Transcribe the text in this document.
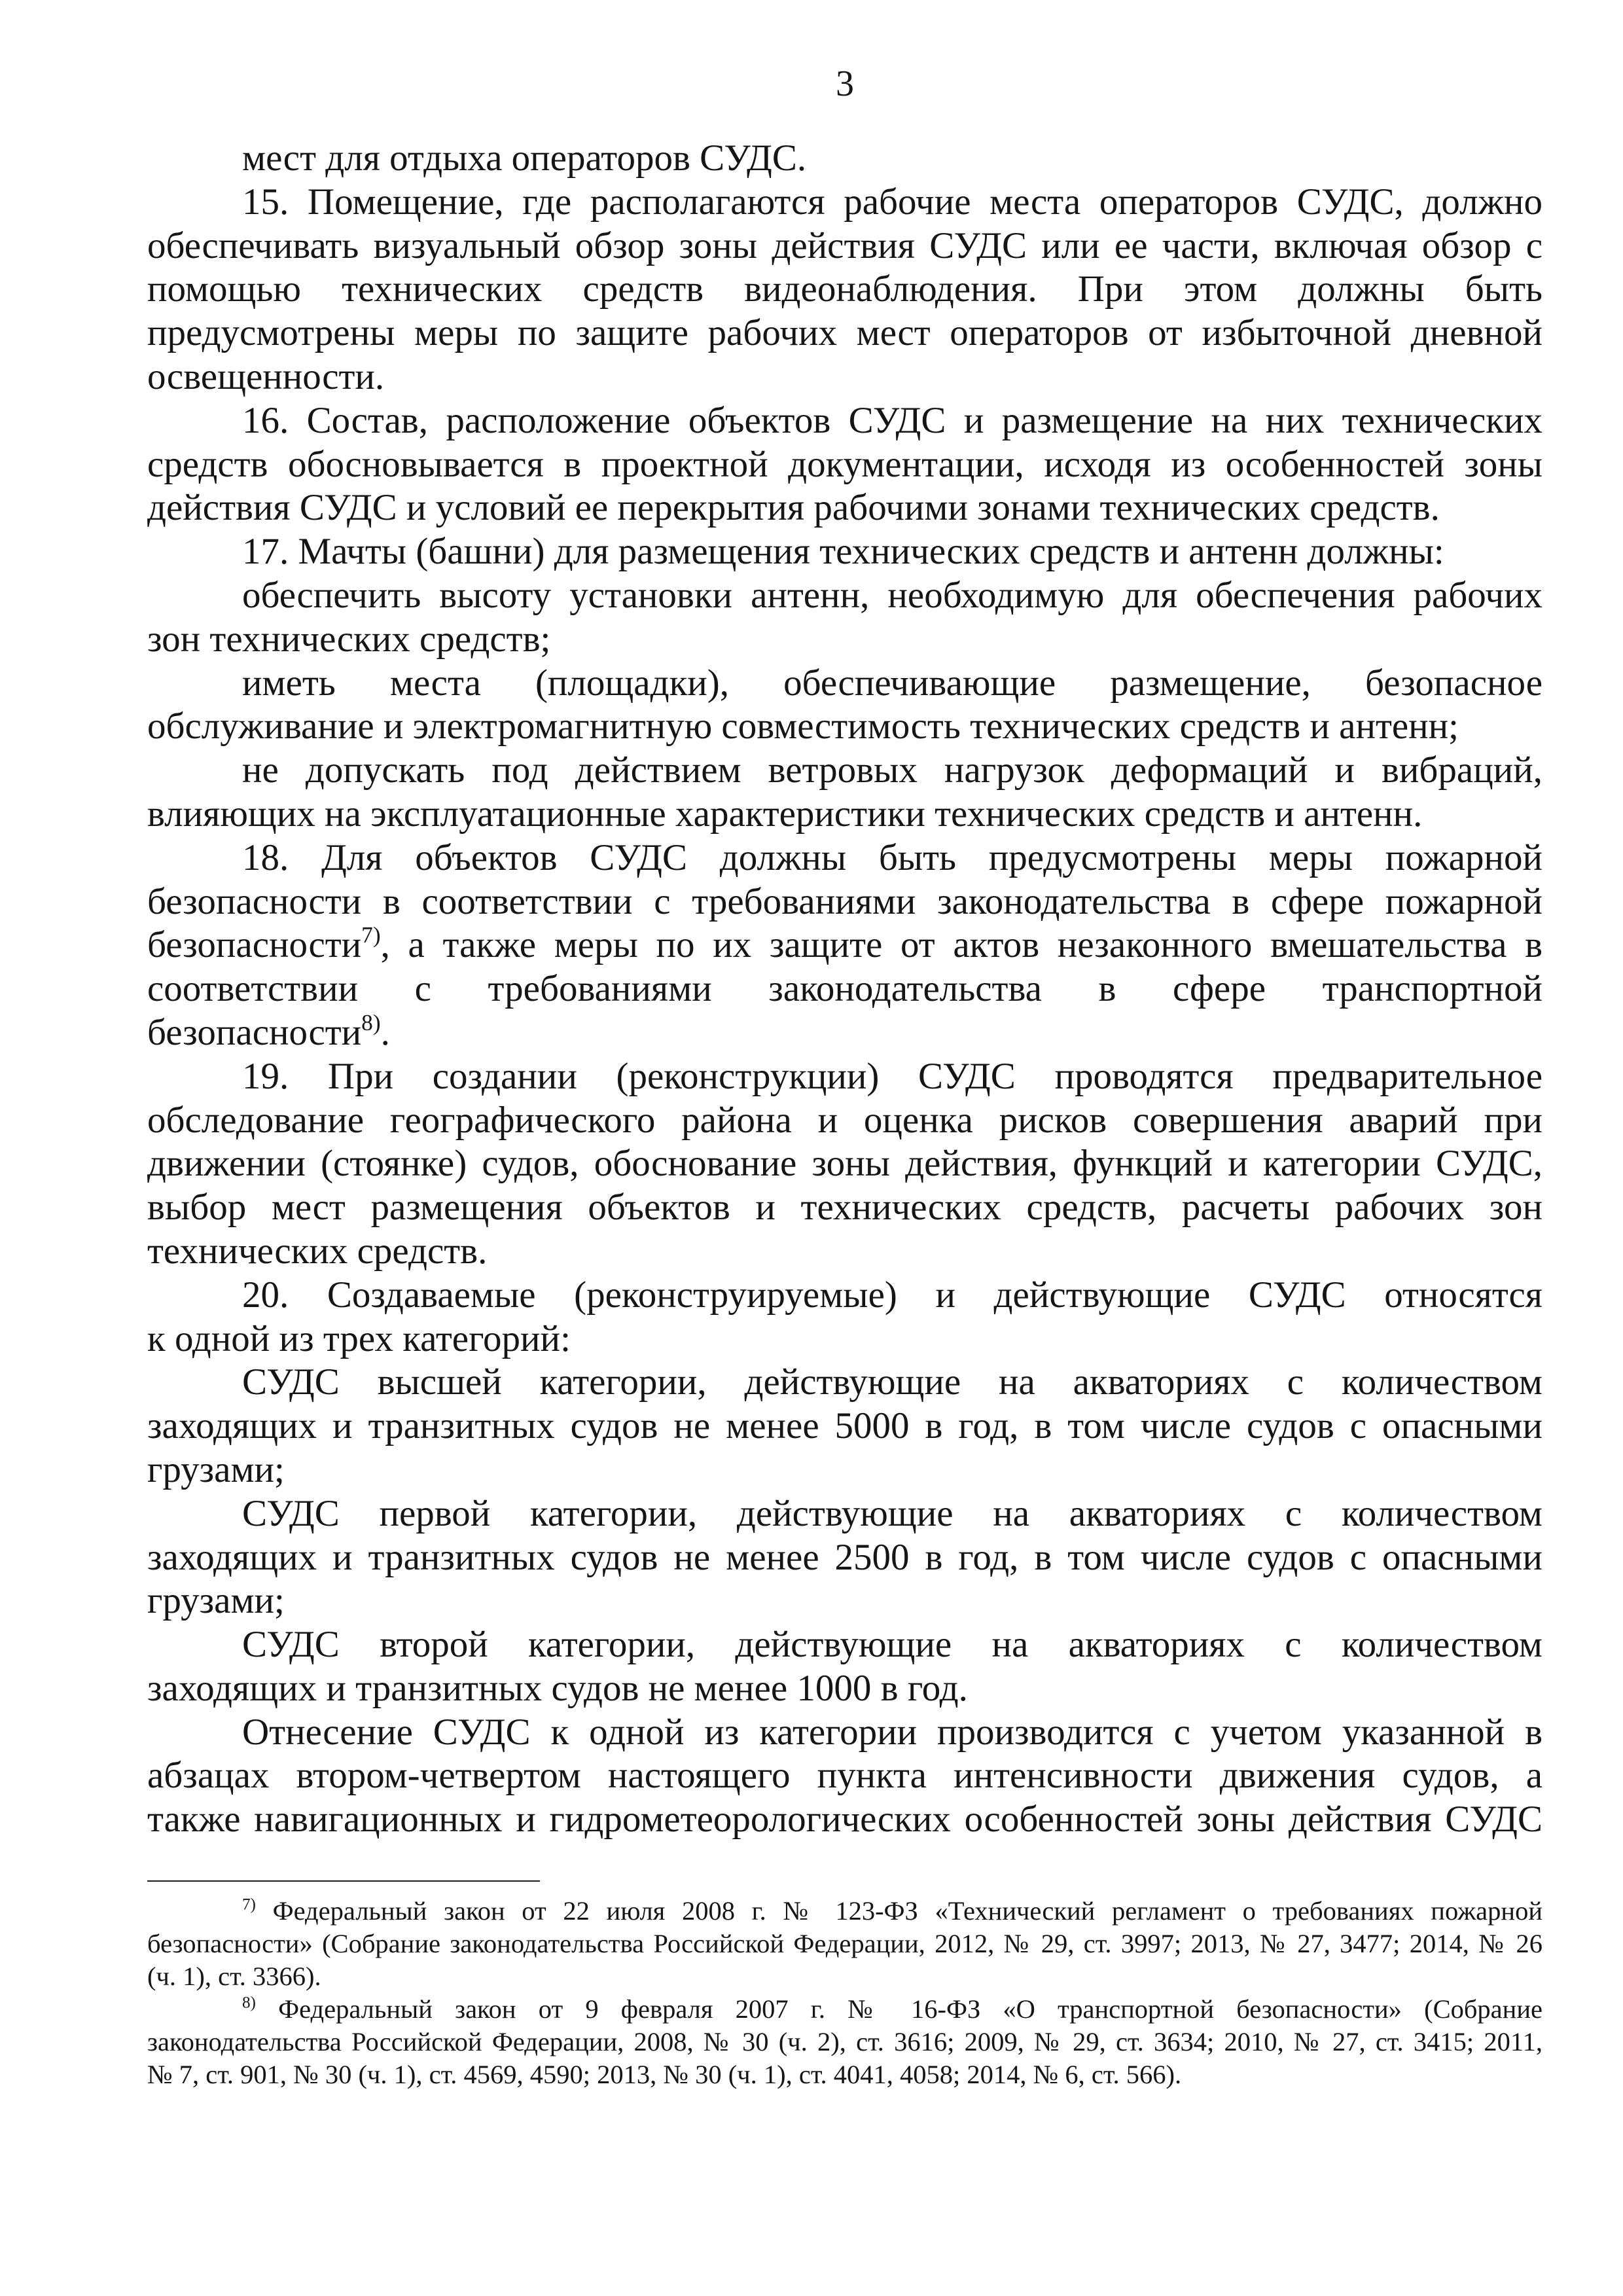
3
мест для отдыха операторов СУДС.
15. Помещение, где располагаются рабочие места операторов СУДС, должно
обеспечивать визуальный обзор зоны действия СУДС или ее части, включая обзор с
помощью технических средств видеонаблюдения. При этом должны быть
предусмотрены меры по защите рабочих мест операторов от избыточной дневной
освещенности.
16. Состав, расположение объектов СУДС и размещение на них технических
средств обосновывается в проектной документации, исходя из особенностей зоны
действия СУДС и условий ее перекрытия рабочими зонами технических средств.
17. Мачты (башни) для размещения технических средств и антенн должны:
обеспечить высоту установки антенн, необходимую для обеспечения рабочих
зон технических средств;
иметь места (площадки), обеспечивающие размещение, безопасное
обслуживание и электромагнитную совместимость технических средств и антенн;
не допускать под действием ветровых нагрузок деформаций и вибраций,
влияющих на эксплуатационные характеристики технических средств и антенн.
18. Для объектов СУДС должны быть предусмотрены меры пожарной
безопасности в соответствии с требованиями законодательства в сфере пожарной
безопасности$^{7)}$, а также меры по их защите от актов незаконного вмешательства в
соответствии с требованиями законодательства в сфере транспортной
безопасности$^{8)}$.
19. При создании (реконструкции) СУДС проводятся предварительное
обследование географического района и оценка рисков совершения аварий при
движении (стоянке) судов, обоснование зоны действия, функций и категории СУДС,
выбор мест размещения объектов и технических средств, расчеты рабочих зон
технических средств.
20. Создаваемые (реконструируемые) и действующие СУДС относятся
к одной из трех категорий:
СУДС высшей категории, действующие на акваториях с количеством
заходящих и транзитных судов не менее 5000 в год, в том числе судов с опасными
грузами;
СУДС первой категории, действующие на акваториях с количеством
заходящих и транзитных судов не менее 2500 в год, в том числе судов с опасными
грузами;
СУДС второй категории, действующие на акваториях с количеством
заходящих и транзитных судов не менее 1000 в год.
Отнесение СУДС к одной из категории производится с учетом указанной в
абзацах втором-четвертом настоящего пункта интенсивности движения судов, а
также навигационных и гидрометеорологических особенностей зоны действия СУДС
$^{7)}$ Федеральный закон от 22 июля 2008 г. № 123-ФЗ «Технический регламент о требованиях пожарной
безопасности» (Собрание законодательства Российской Федерации, 2012, № 29, ст. 3997; 2013, № 27, 3477; 2014, № 26
(ч. 1), ст. 3366).
$^{8)}$ Федеральный закон от 9 февраля 2007 г. № 16-ФЗ «О транспортной безопасности» (Собрание
законодательства Российской Федерации, 2008, № 30 (ч. 2), ст. 3616; 2009, № 29, ст. 3634; 2010, № 27, ст. 3415; 2011,
№ 7, ст. 901, № 30 (ч. 1), ст. 4569, 4590; 2013, № 30 (ч. 1), ст. 4041, 4058; 2014, № 6, ст. 566).
